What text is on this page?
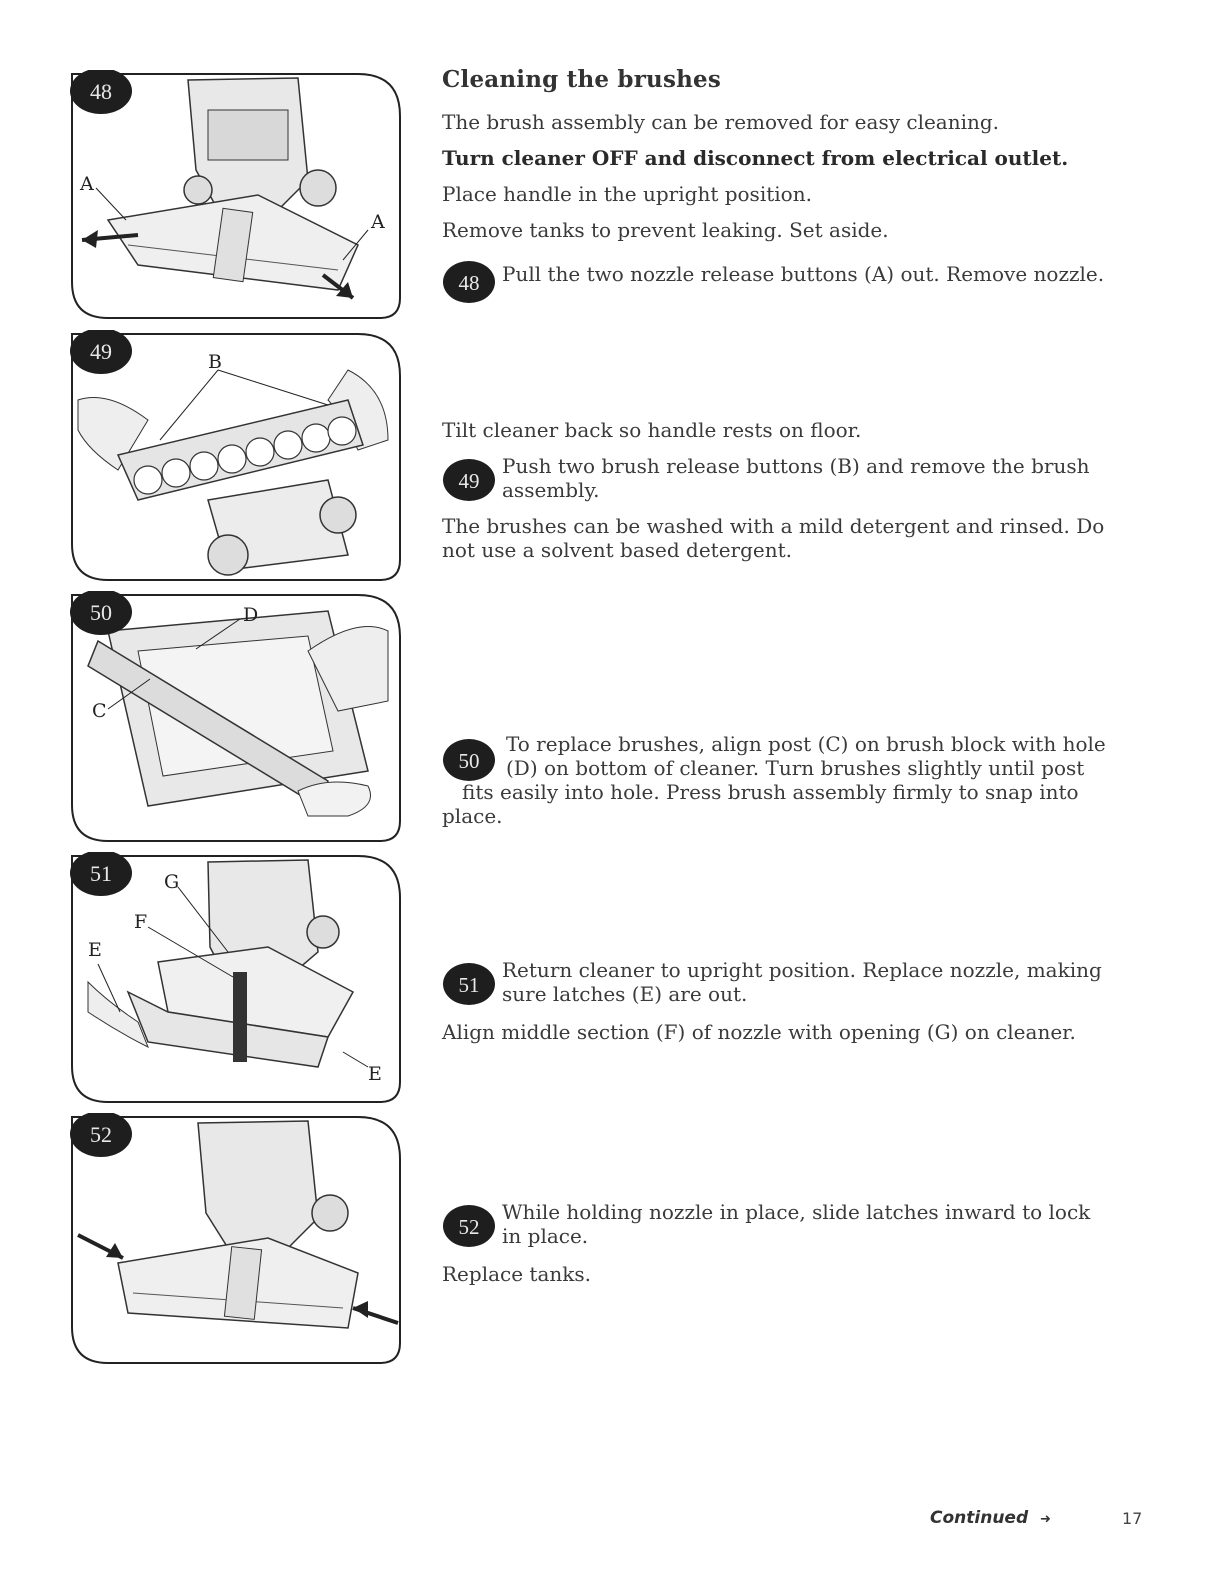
A
A
48
B
49
D
C
50
G
F
E
E
51
52
Cleaning the brushes

The brush assembly can be removed for easy cleaning.

Turn cleaner OFF and disconnect from electrical outlet.

Place handle in the upright position.

Remove tanks to prevent leaking. Set aside.

48 Pull the two nozzle release buttons (A) out. Remove nozzle.

Tilt cleaner back so handle rests on floor.

49

Push two brush release buttons (B) and remove the brush

assembly.

The brushes can be washed with a mild detergent and rinsed. Do not use a solvent based detergent.

50

To replace brushes, align post (C) on brush block with hole

(D) on bottom of cleaner. Turn brushes slightly until post

fits easily into hole. Press brush assembly firmly to snap into

place.

51

Return cleaner to upright position. Replace nozzle, making

sure latches (E) are out.

Align middle section (F) of nozzle with opening (G) on cleaner.

52

While holding nozzle in place, slide latches inward to lock

in place.

Replace tanks.

Continued ➜	17
